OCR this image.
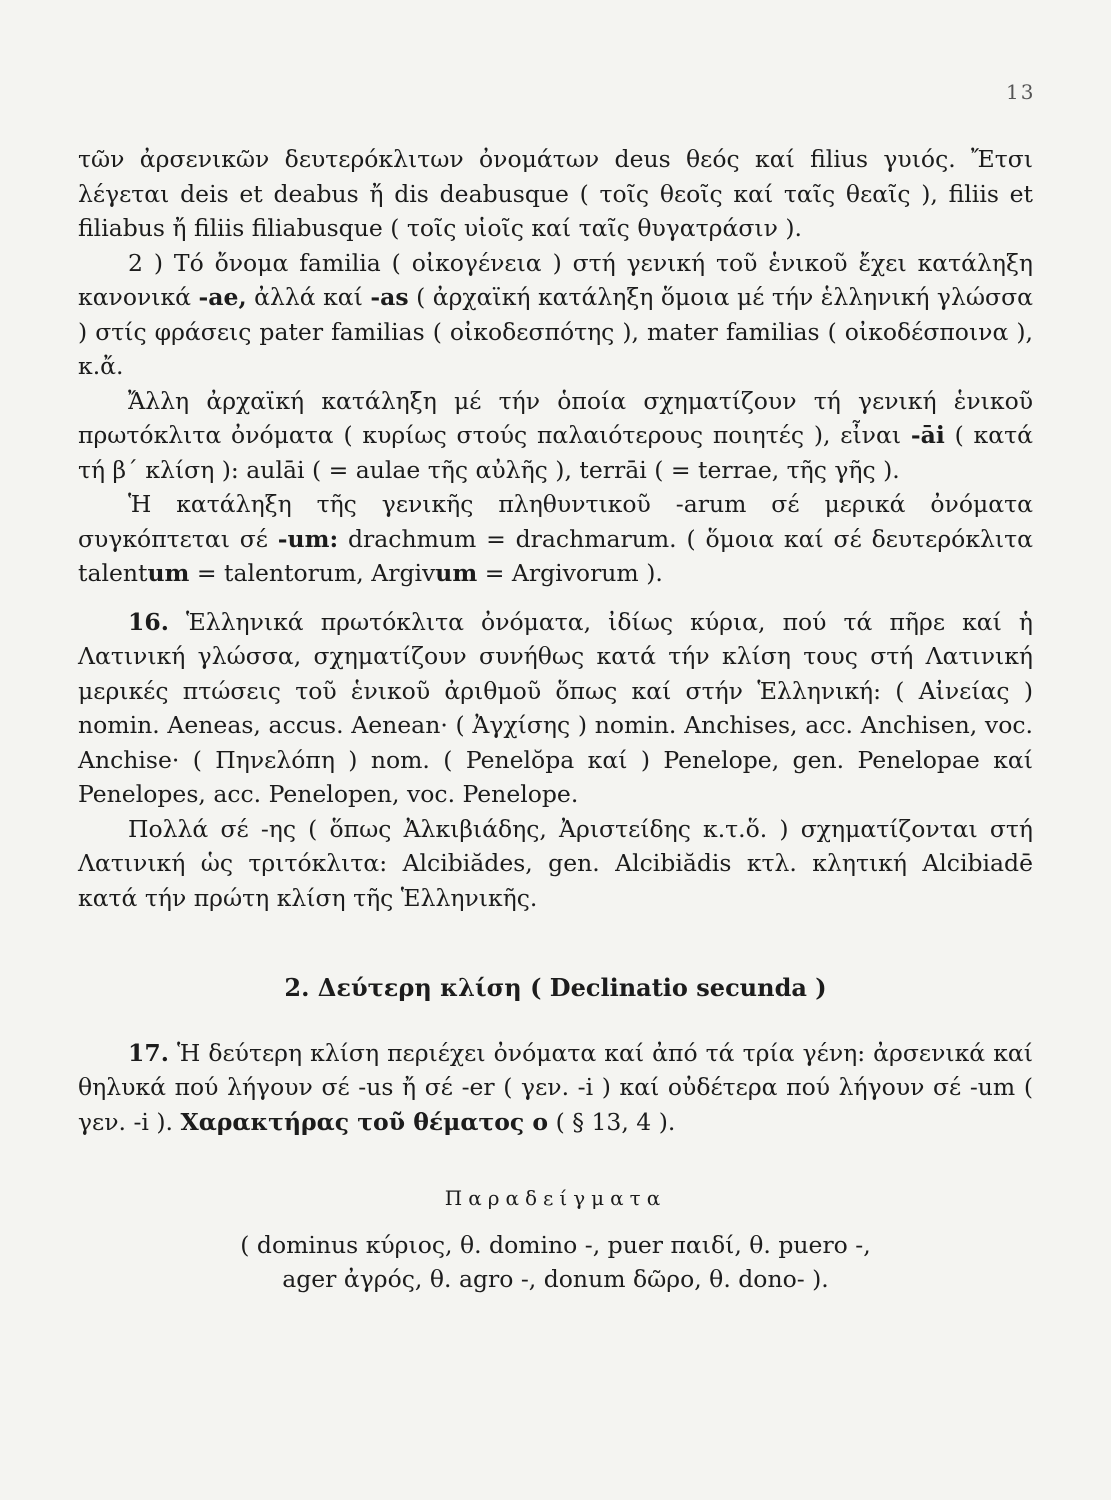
13

τῶν ἀρσενικῶν δευτερόκλιτων ὀνομάτων deus θεός καί filius γυιός. Ἔτσι λέγεται deis et deabus ἤ dis deabusque ( τοῖς θεοῖς καί ταῖς θεαῖς ), filiis et filiabus ἤ filiis filiabusque ( τοῖς υἱοῖς καί ταῖς θυγατράσιν ).

2 ) Τό ὄνομα familia ( οἰκογένεια ) στή γενική τοῦ ἑνικοῦ ἔχει κατάληξη κανονικά -ae, ἀλλά καί -as ( ἀρχαϊκή κατάληξη ὅμοια μέ τήν ἑλληνική γλώσσα ) στίς φράσεις pater familias ( οἰκοδεσπότης ), mater familias ( οἰκοδέσποινα ), κ.ἄ.

Ἄλλη ἀρχαϊκή κατάληξη μέ τήν ὁποία σχηματίζουν τή γενική ἑνικοῦ πρωτόκλιτα ὀνόματα ( κυρίως στούς παλαιότερους ποιητές ), εἶναι -āi ( κατά τή β΄ κλίση ): aulāi ( = aulae τῆς αὐλῆς ), terrāi ( = terrae, τῆς γῆς ).

Ἡ κατάληξη τῆς γενικῆς πληθυντικοῦ -arum σέ μερικά ὀνόματα συγκόπτεται σέ -um: drachmum = drachmarum. ( ὅμοια καί σέ δευτερόκλιτα talentum = talentorum, Argivum = Argivorum ).

16. Ἑλληνικά πρωτόκλιτα ὀνόματα, ἰδίως κύρια, πού τά πῆρε καί ἡ Λατινική γλώσσα, σχηματίζουν συνήθως κατά τήν κλίση τους στή Λατινική μερικές πτώσεις τοῦ ἑνικοῦ ἀριθμοῦ ὅπως καί στήν Ἑλληνική: ( Αἰνείας ) nomin. Aeneas, accus. Aenean· ( Ἀγχίσης ) nomin. Anchises, acc. Anchisen, voc. Anchise· ( Πηνελόπη ) nom. ( Penelŏpa καί ) Penelope, gen. Penelopae καί Penelopes, acc. Penelopen, voc. Penelope.

Πολλά σέ -ης ( ὅπως Ἀλκιβιάδης, Ἀριστείδης κ.τ.ὅ. ) σχηματίζονται στή Λατινική ὡς τριτόκλιτα: Alcibiădes, gen. Alcibiădis κτλ. κλητική Alcibiadē κατά τήν πρώτη κλίση τῆς Ἑλληνικῆς.

2. Δεύτερη κλίση ( Declinatio secunda )

17. Ἡ δεύτερη κλίση περιέχει ὀνόματα καί ἀπό τά τρία γένη: ἀρσενικά καί θηλυκά πού λήγουν σέ -us ἤ σέ -er ( γεν. -i ) καί οὐδέτερα πού λήγουν σέ -um ( γεν. -i ). Χαρακτήρας τοῦ θέματος o ( § 13, 4 ).

Παραδείγματα
( dominus κύριος, θ. domino -, puer παιδί, θ. puero -,
ager ἀγρός, θ. agro -, donum δῶρο, θ. dono- ).
